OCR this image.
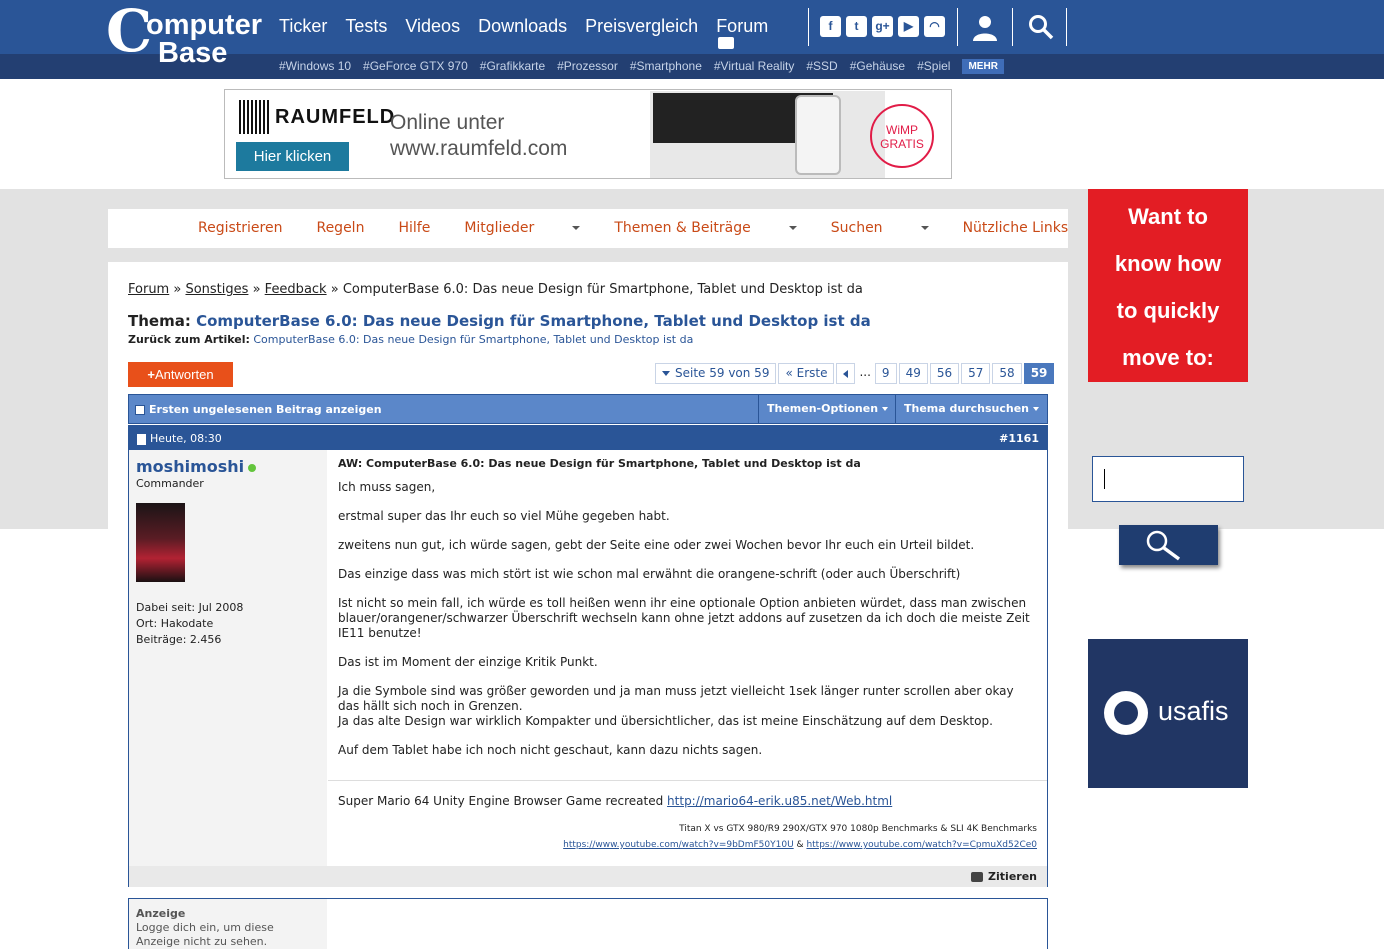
C
omputer
Base
Ticker Tests Videos Downloads Preisvergleich Forum	f	t	g+	▶	◠
#Windows 10 #GeForce GTX 970 #Grafikkarte #Prozessor #Smartphone #Virtual Reality #SSD #Gehäuse #Spiel	MEHR
RAUMFELD
Hier klicken
Online unter
www.raumfeld.com
WiMP
GRATIS
Registrieren Regeln Hilfe Mitglieder	Themen & Beiträge	Suchen	Nützliche Links
Forum » Sonstiges » Feedback » ComputerBase 6.0: Das neue Design für Smartphone, Tablet und Desktop ist da
Thema: ComputerBase 6.0: Das neue Design für Smartphone, Tablet und Desktop ist da
Zurück zum Artikel: ComputerBase 6.0: Das neue Design für Smartphone, Tablet und Desktop ist da
+Antworten	Seite 59 von 59	« Erste	... 9	49	56	57	58	59
Ersten ungelesenen Beitrag anzeigen	Themen-Optionen	Thema durchsuchen
Heute, 08:30	#1161
moshimoshi
Commander
Dabei seit: Jul 2008
Ort: Hakodate
Beiträge: 2.456
AW: ComputerBase 6.0: Das neue Design für Smartphone, Tablet und Desktop ist da

Ich muss sagen,

erstmal super das Ihr euch so viel Mühe gegeben habt.

zweitens nun gut, ich würde sagen, gebt der Seite eine oder zwei Wochen bevor Ihr euch ein Urteil bildet.

Das einzige dass was mich stört ist wie schon mal erwähnt die orangene-schrift (oder auch Überschrift)

Ist nicht so mein fall, ich würde es toll heißen wenn ihr eine optionale Option anbieten würdet, dass man zwischen blauer/orangener/schwarzer Überschrift wechseln kann ohne jetzt addons auf zusetzen da ich doch die meiste Zeit IE11 benutze!

Das ist im Moment der einzige Kritik Punkt.

Ja die Symbole sind was größer geworden und ja man muss jetzt vielleicht 1sek länger runter scrollen aber okay das hällt sich noch in Grenzen.
Ja das alte Design war wirklich Kompakter und übersichtlicher, das ist meine Einschätzung auf dem Desktop.

Auf dem Tablet habe ich noch nicht geschaut, kann dazu nichts sagen.

Super Mario 64 Unity Engine Browser Game recreated http://mario64-erik.u85.net/Web.html
Titan X vs GTX 980/R9 290X/GTX 970 1080p Benchmarks & SLI 4K Benchmarks
https://www.youtube.com/watch?v=9bDmF50Y10U & https://www.youtube.com/watch?v=CpmuXd52Ce0
Zitieren
Anzeige
Logge dich ein, um diese Anzeige nicht zu sehen.
Want to
know how
to quickly
move to:
usafis
